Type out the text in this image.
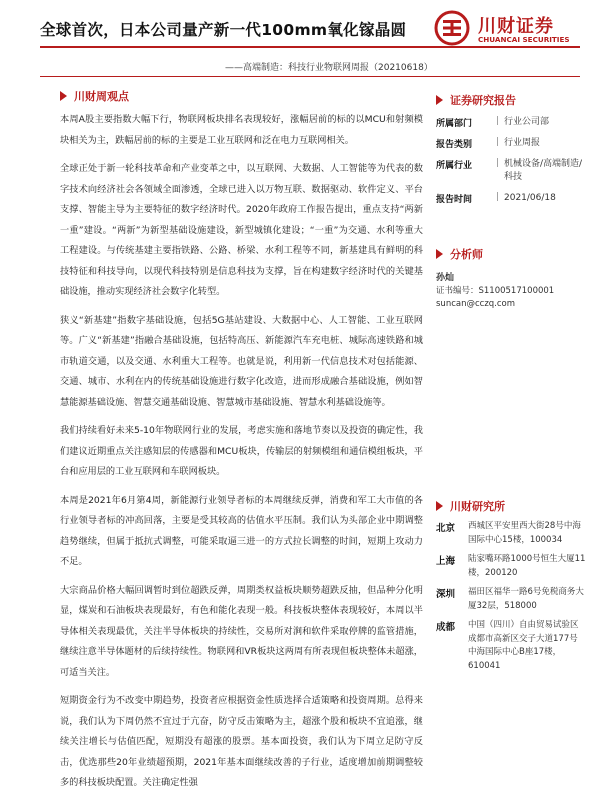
全球首次，日本公司量产新一代100mm氧化镓晶圆
——高端制造：科技行业物联网周报（20210618）
川财证券
CHUANCAI SECURITIES
川财周观点

本周A股主要指数大幅下行，物联网板块排名表现较好，涨幅居前的标的以MCU和射频模块相关为主，跌幅居前的标的主要是工业互联网和泛在电力互联网相关。

全球正处于新一轮科技革命和产业变革之中，以互联网、大数据、人工智能等为代表的数字技术向经济社会各领域全面渗透，全球已进入以万物互联、数据驱动、软件定义、平台支撑、智能主导为主要特征的数字经济时代。2020年政府工作报告提出，重点支持“两新一重”建设。“两新”为新型基础设施建设，新型城镇化建设；“一重”为交通、水利等重大工程建设。与传统基建主要指铁路、公路、桥梁、水利工程等不同，新基建具有鲜明的科技特征和科技导向，以现代科技特别是信息科技为支撑，旨在构建数字经济时代的关键基础设施，推动实现经济社会数字化转型。

狭义“新基建”指数字基础设施，包括5G基站建设、大数据中心、人工智能、工业互联网等。广义“新基建”指融合基础设施，包括特高压、新能源汽车充电桩、城际高速铁路和城市轨道交通，以及交通、水利重大工程等。也就是说，利用新一代信息技术对包括能源、交通、城市、水利在内的传统基础设施进行数字化改造，进而形成融合基础设施，例如智慧能源基础设施、智慧交通基础设施、智慧城市基础设施、智慧水利基础设施等。

我们持续看好未来5-10年物联网行业的发展，考虑实施和落地节奏以及投资的确定性，我们建议近期重点关注感知层的传感器和MCU板块，传输层的射频模组和通信模组板块，平台和应用层的工业互联网和车联网板块。

本周是2021年6月第4周，新能源行业领导者标的本周继续反弹，消费和军工大市值的各行业领导者标的冲高回落，主要是受其较高的估值水平压制。我们认为头部企业中期调整趋势继续，但属于抵抗式调整，可能采取逼三进一的方式拉长调整的时间，短期上攻动力不足。

大宗商品价格大幅回调暂时到位超跌反弹，周期类权益板块顺势超跌反抽，但品种分化明显，煤炭和石油板块表现最好，有色和能化表现一般。科技板块整体表现较好，本周以半导体相关表现最优，关注半导体板块的持续性，交易所对涧和软件采取停牌的监管措施，继续注意半导体题材的后续持续性。物联网和VR板块这两周有所表现但板块整体未超涨，可适当关注。

短期资金行为不改变中期趋势，投资者应根据资金性质选择合适策略和投资周期。总得来说，我们认为下周仍然不宜过于亢奋，防守反击策略为主，超涨个股和板块不宜追涨，继续关注增长与估值匹配，短期没有超涨的股票。基本面投资，我们认为下周立足防守反击，优选那些20年业绩超预期，2021年基本面继续改善的子行业，适度增加前期调整较多的科技板块配置。关注确定性强

证券研究报告
所属部门	| 行业公司部
报告类别	| 行业周报
所属行业	| 机械设备/高端制造/科技
报告时间	| 2021/06/18
分析师
孙灿
证书编号：S1100517100001
suncan@cczq.com
川财研究所
北京	西城区平安里西大街28号中海国际中心15楼，100034
上海	陆家嘴环路1000号恒生大厦11楼，200120
深圳	福田区福华一路6号免税商务大厦32层，518000
成都	中国（四川）自由贸易试验区成都市高新区交子大道177号中海国际中心B座17楼，610041
